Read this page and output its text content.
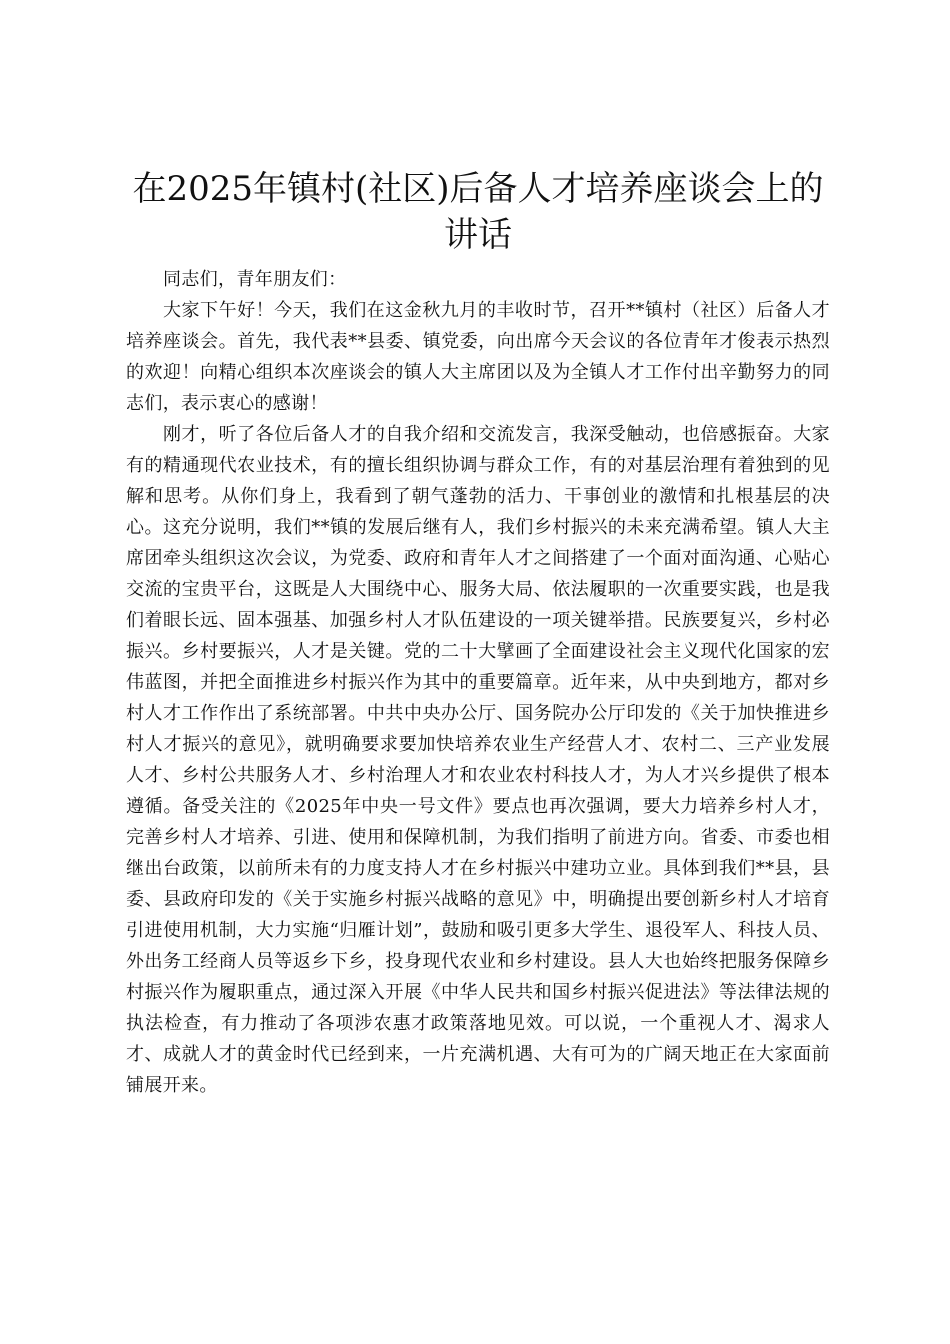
在2025年镇村(社区)后备人才培养座谈会上的
讲话

同志们，青年朋友们：

大家下午好！今天，我们在这金秋九月的丰收时节，召开**镇村（社区）后备人才培养座谈会。首先，我代表**县委、镇党委，向出席今天会议的各位青年才俊表示热烈的欢迎！向精心组织本次座谈会的镇人大主席团以及为全镇人才工作付出辛勤努力的同志们，表示衷心的感谢！

刚才，听了各位后备人才的自我介绍和交流发言，我深受触动，也倍感振奋。大家有的精通现代农业技术，有的擅长组织协调与群众工作，有的对基层治理有着独到的见解和思考。从你们身上，我看到了朝气蓬勃的活力、干事创业的激情和扎根基层的决心。这充分说明，我们**镇的发展后继有人，我们乡村振兴的未来充满希望。镇人大主席团牵头组织这次会议，为党委、政府和青年人才之间搭建了一个面对面沟通、心贴心交流的宝贵平台，这既是人大围绕中心、服务大局、依法履职的一次重要实践，也是我们着眼长远、固本强基、加强乡村人才队伍建设的一项关键举措。民族要复兴，乡村必振兴。乡村要振兴，人才是关键。党的二十大擘画了全面建设社会主义现代化国家的宏伟蓝图，并把全面推进乡村振兴作为其中的重要篇章。近年来，从中央到地方，都对乡村人才工作作出了系统部署。中共中央办公厅、国务院办公厅印发的《关于加快推进乡村人才振兴的意见》，就明确要求要加快培养农业生产经营人才、农村二、三产业发展人才、乡村公共服务人才、乡村治理人才和农业农村科技人才，为人才兴乡提供了根本遵循。备受关注的《2025年中央一号文件》要点也再次强调，要大力培养乡村人才，完善乡村人才培养、引进、使用和保障机制，为我们指明了前进方向。省委、市委也相继出台政策，以前所未有的力度支持人才在乡村振兴中建功立业。具体到我们**县，县委、县政府印发的《关于实施乡村振兴战略的意见》中，明确提出要创新乡村人才培育引进使用机制，大力实施“归雁计划”，鼓励和吸引更多大学生、退役军人、科技人员、外出务工经商人员等返乡下乡，投身现代农业和乡村建设。县人大也始终把服务保障乡村振兴作为履职重点，通过深入开展《中华人民共和国乡村振兴促进法》等法律法规的执法检查，有力推动了各项涉农惠才政策落地见效。可以说，一个重视人才、渴求人才、成就人才的黄金时代已经到来，一片充满机遇、大有可为的广阔天地正在大家面前铺展开来。
